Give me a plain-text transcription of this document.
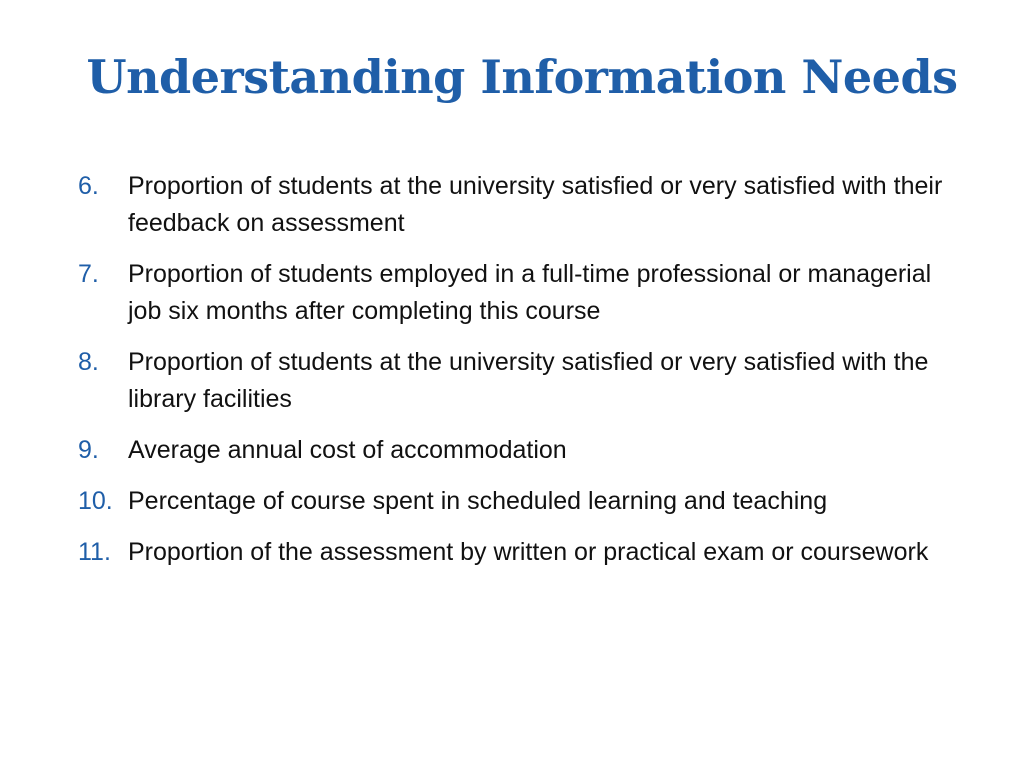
Understanding Information Needs
6. Proportion of students at the university satisfied or very satisfied with their feedback on assessment
7. Proportion of students employed in a full-time professional or managerial job six months after completing this course
8. Proportion of students at the university satisfied or very satisfied with the library facilities
9. Average annual cost of accommodation
10. Percentage of course spent in scheduled learning and teaching
11. Proportion of the assessment by written or practical exam or coursework
